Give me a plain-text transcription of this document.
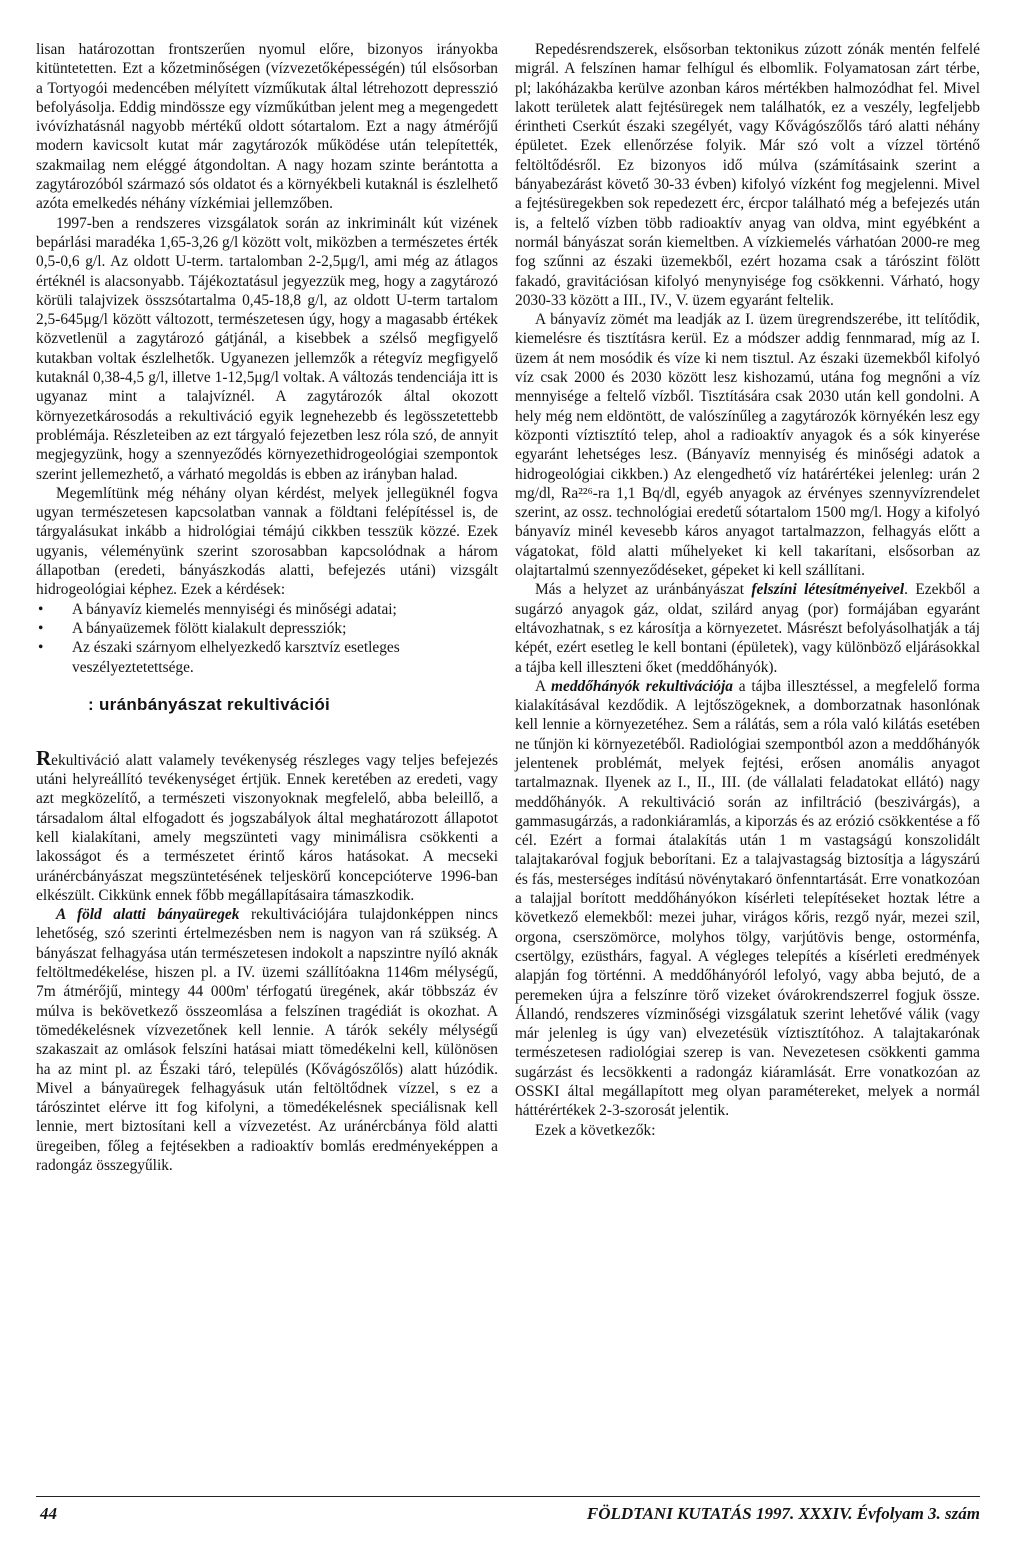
lisan határozottan frontszerűen nyomul előre, bizonyos irányokba kitüntetetten. Ezt a kőzetminőségen (vízvezetőképességén) túl elsősorban a Tortyogói medencében mélyített vízműkutak által létrehozott depresszió befolyásolja. Eddig mindössze egy vízműkútban jelent meg a megengedett ivóvízhatásnál nagyobb mértékű oldott sótartalom. Ezt a nagy átmérőjű modern kavicsolt kutat már zagytározók működése után telepítették, szakmailag nem eléggé átgondoltan. A nagy hozam szinte berántotta a zagytározóból származó sós oldatot és a környékbeli kutaknál is észlelhető azóta emelkedés néhány vízkémiai jellemzőben.

1997-ben a rendszeres vizsgálatok során az inkriminált kút vizének bepárlási maradéka 1,65-3,26 g/l között volt, miközben a természetes érték 0,5-0,6 g/l. Az oldott U-term. tartalomban 2-2,5μg/l, ami még az átlagos értéknél is alacsonyabb. Tájékoztatásul jegyezzük meg, hogy a zagytározó körüli talajvizek összsótartalma 0,45-18,8 g/l, az oldott U-term tartalom 2,5-645μg/l között változott, természetesen úgy, hogy a magasabb értékek közvetlenül a zagytározó gátjánál, a kisebbek a szélső megfigyelő kutakban voltak észlelhetők. Ugyanezen jellemzők a rétegvíz megfigyelő kutaknál 0,38-4,5 g/l, illetve 1-12,5μg/l voltak. A változás tendenciája itt is ugyanaz mint a talajvíznél. A zagytározók által okozott környezetkárosodás a rekultiváció egyik legnehezebb és legösszetettebb problémája. Részleteiben az ezt tárgyaló fejezetben lesz róla szó, de annyit megjegyzünk, hogy a szennyeződés környezethidrogeológiai szempontok szerint jellemezhető, a várható megoldás is ebben az irányban halad.

Megemlítünk még néhány olyan kérdést, melyek jellegüknél fogva ugyan természetesen kapcsolatban vannak a földtani felépítéssel is, de tárgyalásukat inkább a hidrológiai témájú cikkben tesszük közzé. Ezek ugyanis, véleményünk szerint szorosabban kapcsolódnak a három állapotban (eredeti, bányászkodás alatti, befejezés utáni) vizsgált hidrogeológiai képhez. Ezek a kérdések:

• A bányavíz kiemelés mennyiségi és minőségi adatai;
• A bányaüzemek fölött kialakult depressziók;
• Az északi szárnyom elhelyezkedő karsztvíz esetleges veszélyeztetettsége.
: uránbányászat rekultivációi

Rekultiváció alatt valamely tevékenység részleges vagy teljes befejezés utáni helyreállító tevékenységet értjük. Ennek keretében az eredeti, vagy azt megközelítő, a természeti viszonyoknak megfelelő, abba beleillő, a társadalom által elfogadott és jogszabályok által meghatározott állapotot kell kialakítani, amely megszünteti vagy minimálisra csökkenti a lakosságot és a természetet érintő káros hatásokat. A mecseki uránércbányászat megszüntetésének teljeskörű koncepcióterve 1996-ban elkészült. Cikkünk ennek főbb megállapításaira támaszkodik.

A föld alatti bányaüregek rekultivációjára tulajdonképpen nincs lehetőség, szó szerinti értelmezésben nem is nagyon van rá szükség. A bányászat felhagyása után természetesen indokolt a napszintre nyíló aknák feltöltmedékelése, hiszen pl. a IV. üzemi szállítóakna 1146m mélységű, 7m átmérőjű, mintegy 44 000m' térfogatú üregének, akár többszáz év múlva is bekövetkező összeomlása a felszínen tragédiát is okozhat. A tömedékelésnek vízvezetőnek kell lennie. A tárók sekély mélységű szakaszait az omlások felszíni hatásai miatt tömedékelni kell, különösen ha az mint pl. az Északi táró, település (Kővágószőlős) alatt húzódik. Mivel a bányaüregek felhagyásuk után feltöltődnek vízzel, s ez a tárószintet elérve itt fog kifolyni, a tömedékelésnek speciálisnak kell lennie, mert biztosítani kell a vízvezetést. Az uránércbánya föld alatti üregeiben, főleg a fejtésekben a radioaktív bomlás eredményeképpen a radongáz összegyűlik.

Repedésrendszerek, elsősorban tektonikus zúzott zónák mentén felfelé migrál. A felszínen hamar felhígul és elbomlik. Folyamatosan zárt térbe, pl; lakóházakba kerülve azonban káros mértékben halmozódhat fel. Mivel lakott területek alatt fejtésüregek nem találhatók, ez a veszély, legfeljebb érintheti Cserkút északi szegélyét, vagy Kővágószőlős táró alatti néhány épületet. Ezek ellenőrzése folyik. Már szó volt a vízzel történő feltöltődésről. Ez bizonyos idő múlva (számításaink szerint a bányabezárást követő 30-33 évben) kifolyó vízként fog megjelenni. Mivel a fejtésüregekben sok repedezett érc, ércpor található még a befejezés után is, a feltelő vízben több radioaktív anyag van oldva, mint egyébként a normál bányászat során kiemeltben. A vízkiemelés várhatóan 2000-re meg fog szűnni az északi üzemekből, ezért hozama csak a tárószint fölött fakadó, gravitációsan kifolyó menynyisége fog csökkenni. Várható, hogy 2030-33 között a III., IV., V. üzem egyaránt feltelik.

A bányavíz zömét ma leadják az I. üzem üregrendszerébe, itt telítődik, kiemelésre és tisztításra kerül. Ez a módszer addig fennmarad, míg az I. üzem át nem mosódik és víze ki nem tisztul. Az északi üzemekből kifolyó víz csak 2000 és 2030 között lesz kishozamú, utána fog megnőni a víz mennyisége a feltelő vízből. Tisztítására csak 2030 után kell gondolni. A hely még nem eldöntött, de valószínűleg a zagytározók környékén lesz egy központi víztisztító telep, ahol a radioaktív anyagok és a sók kinyerése egyaránt lehetséges lesz. (Bányavíz mennyiség és minőségi adatok a hidrogeológiai cikkben.) Az elengedhető víz határértékei jelenleg: urán 2 mg/dl, Ra²²⁶-ra 1,1 Bq/dl, egyéb anyagok az érvényes szennyvízrendelet szerint, az ossz. technológiai eredetű sótartalom 1500 mg/l. Hogy a kifolyó bányavíz minél kevesebb káros anyagot tartalmazzon, felhagyás előtt a vágatokat, föld alatti műhelyeket ki kell takarítani, elsősorban az olajtartalmú szennyeződéseket, gépeket ki kell szállítani.

Más a helyzet az uránbányászat felszíni létesítményeivel. Ezekből a sugárzó anyagok gáz, oldat, szilárd anyag (por) formájában egyaránt eltávozhatnak, s ez károsítja a környezetet. Másrészt befolyásolhatják a táj képét, ezért esetleg le kell bontani (épületek), vagy különböző eljárásokkal a tájba kell illeszteni őket (meddőhányók).

A meddőhányók rekultivációja a tájba illesztéssel, a megfelelő forma kialakításával kezdődik. A lejtőszögeknek, a domborzatnak hasonlónak kell lennie a környezetéhez. Sem a rálátás, sem a róla való kilátás esetében ne tűnjön ki környezetéből. Radiológiai szempontból azon a meddőhányók jelentenek problémát, melyek fejtési, erősen anomális anyagot tartalmaznak. Ilyenek az I., II., III. (de vállalati feladatokat ellátó) nagy meddőhányók. A rekultiváció során az infiltráció (beszivárgás), a gammasugárzás, a radonkiáramlás, a kiporzás és az erózió csökkentése a fő cél. Ezért a formai átalakítás után 1 m vastagságú konszolidált talajtakaróval fogjuk beborítani. Ez a talajvastagság biztosítja a lágyszárú és fás, mesterséges indítású növénytakaró önfenntartását. Erre vonatkozóan a talajjal borított meddőhányókon kísérleti telepítéseket hoztak létre a következő elemekből: mezei juhar, virágos kőris, rezgő nyár, mezei szil, orgona, cserszömörce, molyhos tölgy, varjútövis benge, ostorménfa, csertölgy, ezüsthárs, fagyal. A végleges telepítés a kísérleti eredmények alapján fog történni. A meddőhányóról lefolyó, vagy abba bejutó, de a peremeken újra a felszínre törő vizeket óvárokrendszerrel fogjuk össze. Állandó, rendszeres vízminőségi vizsgálatuk szerint lehetővé válik (vagy már jelenleg is úgy van) elvezetésük víztisztítóhoz. A talajtakarónak természetesen radiológiai szerep is van. Nevezetesen csökkenti gamma sugárzást és lecsökkenti a radongáz kiáramlását. Erre vonatkozóan az OSSKI által megállapított meg olyan paramétereket, melyek a normál háttérértékek 2-3-szorosát jelentik.

Ezek a következők:

44	FÖLDTANI KUTATÁS 1997. XXXIV. Évfolyam 3. szám
